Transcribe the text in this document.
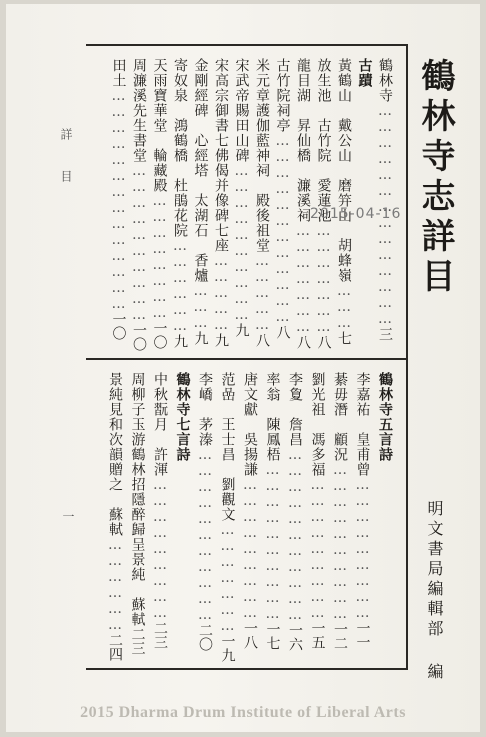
鶴林寺志詳目
明文書局編輯部 編
詳 目
一
鶴林寺……………………………………三
古蹟
黃鶴山　戴公山　磨笄山　胡蜂嶺………七
放生池　古竹院　愛蓮池…………………八
龍目湖　昇仙橋　濂溪祠…………………八
古竹院祠亭………………………………八
米元章護伽藍神祠　殿後祖堂……………八
宋武帝賜田山碑…………………………九
宋高宗御書七佛偈并像碑七座……………九
金剛經碑　心經塔　太湖石　香爐………九
寄奴泉　鴻鶴橋　杜鵑花院………………九
天雨寶華堂　輪藏殿……………………一〇
周濂溪先生書堂…………………………一〇
田土……………………………………一〇
鶴林寺五言詩
李嘉祐　皇甫曾………………………一一
綦毋潛　顧況…………………………一二
劉光祖　馮多福………………………一五
李夐　詹昌……………………………一六
率翁　陳鳳梧…………………………一七
唐文獻　吳揚謙………………………一八
范嵒　王士昌　劉觀文…………………一九
李嶠　茅溱……………………………二〇
鶴林寺七言詩
中秋翫月　許渾………………………二三
周柳子玉游鶴林招隱醉歸呈景純　蘇軾二三
景純見和次韻贈之　蘇軾………………二四
2015-04-16
2015 Dharma Drum Institute of Liberal Arts
